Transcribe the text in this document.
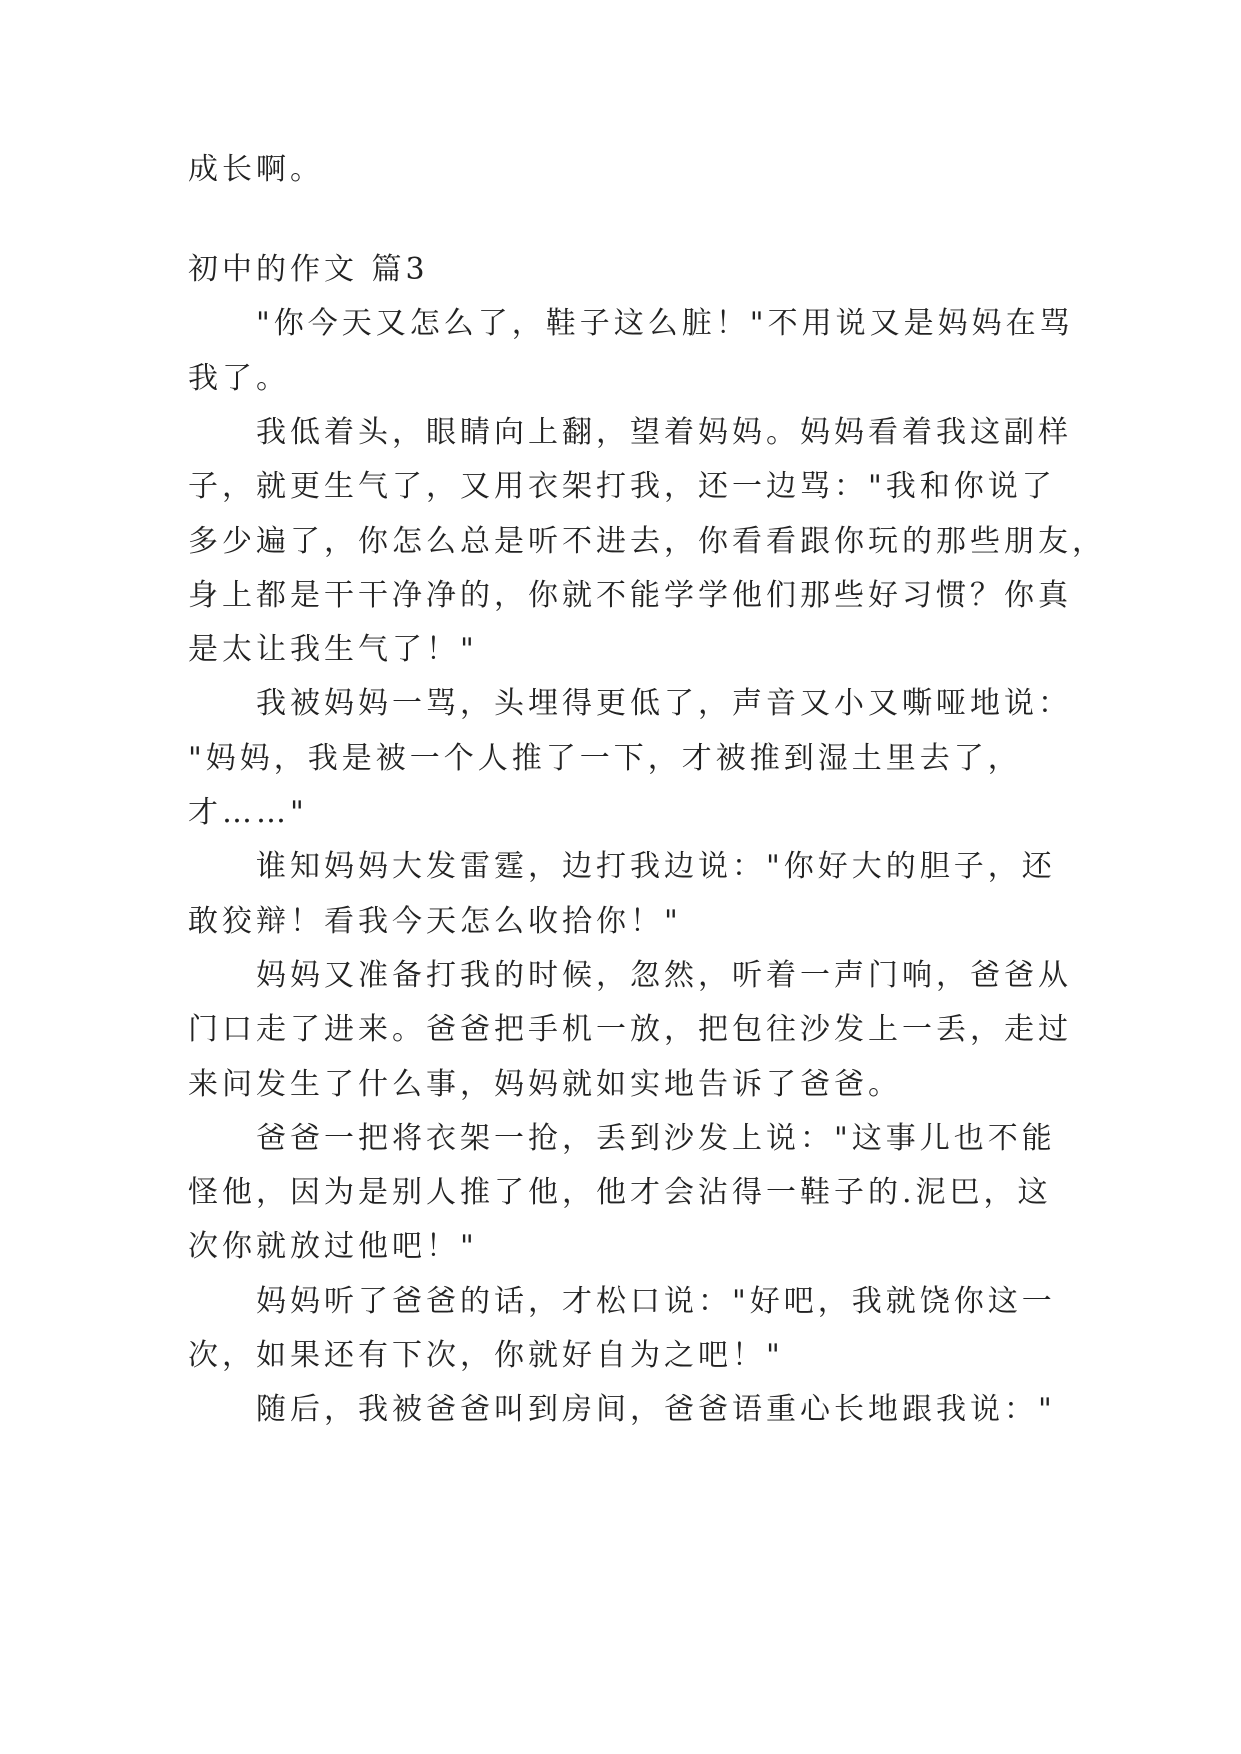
成长啊。
初中的作文 篇3
"你今天又怎么了，鞋子这么脏！"不用说又是妈妈在骂
我了。
我低着头，眼睛向上翻，望着妈妈。妈妈看着我这副样
子，就更生气了，又用衣架打我，还一边骂："我和你说了
多少遍了，你怎么总是听不进去，你看看跟你玩的那些朋友，
身上都是干干净净的，你就不能学学他们那些好习惯？你真
是太让我生气了！"
我被妈妈一骂，头埋得更低了，声音又小又嘶哑地说：
"妈妈，我是被一个人推了一下，才被推到湿土里去了，
才……"
谁知妈妈大发雷霆，边打我边说："你好大的胆子，还
敢狡辩！看我今天怎么收拾你！"
妈妈又准备打我的时候，忽然，听着一声门响，爸爸从
门口走了进来。爸爸把手机一放，把包往沙发上一丢，走过
来问发生了什么事，妈妈就如实地告诉了爸爸。
爸爸一把将衣架一抢，丢到沙发上说："这事儿也不能
怪他，因为是别人推了他，他才会沾得一鞋子的.泥巴，这
次你就放过他吧！"
妈妈听了爸爸的话，才松口说："好吧，我就饶你这一
次，如果还有下次，你就好自为之吧！"
随后，我被爸爸叫到房间，爸爸语重心长地跟我说："
